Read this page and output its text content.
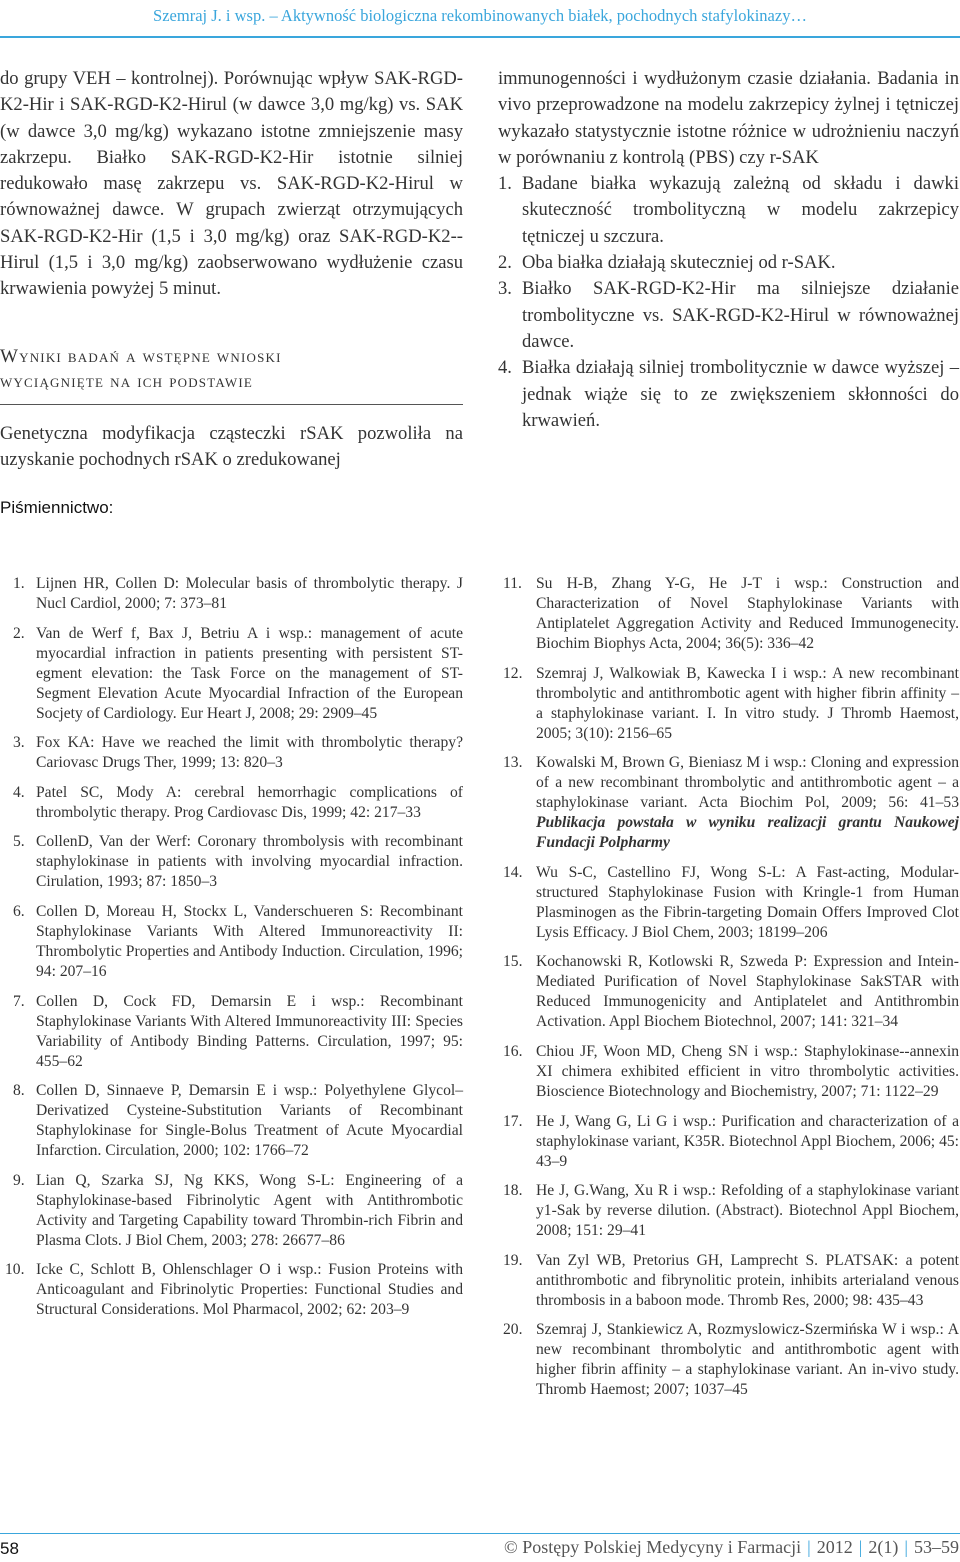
Szemraj J. i wsp. – Aktywność biologiczna rekombinowanych białek, pochodnych stafylokinazy…

do grupy VEH – kontrolnej). Porównując wpływ SAK-RGD-K2-Hir i SAK-RGD-K2-Hirul (w dawce 3,0 mg/kg) vs. SAK (w dawce 3,0 mg/kg) wykazano istotne zmniejszenie masy zakrzepu. Białko SAK-RGD-K2-Hir istotnie silniej redukowało masę zakrzepu vs. SAK-RGD-K2-Hirul w równoważnej dawce. W grupach zwierząt otrzymujących SAK-RGD-K2-Hir (1,5 i 3,0 mg/kg) oraz SAK-RGD-K2--Hirul (1,5 i 3,0 mg/kg) zaobserwowano wydłużenie czasu krwawienia powyżej 5 minut.

Wyniki badań a wstępne wnioski
wyciągnięte na ich podstawie

Genetyczna modyfikacja cząsteczki rSAK pozwoliła na uzyskanie pochodnych rSAK o zredukowanej

immunogenności i wydłużonym czasie działania. Badania in vivo przeprowadzone na modelu zakrzepicy żylnej i tętniczej wykazało statystycznie istotne różnice w udrożnieniu naczyń w porównaniu z kontrolą (PBS) czy r-SAK

1. Badane białka wykazują zależną od składu i dawki skuteczność trombolityczną w modelu zakrzepicy tętniczej u szczura.
2. Oba białka działają skuteczniej od r-SAK.
3. Białko SAK-RGD-K2-Hir ma silniejsze działanie trombolityczne vs. SAK-RGD-K2-Hirul w równoważnej dawce.
4. Białka działają silniej trombolitycznie w dawce wyższej – jednak wiąże się to ze zwiększeniem skłonności do krwawień.
Piśmiennictwo:
1. Lijnen HR, Collen D: Molecular basis of thrombolytic therapy. J Nucl Cardiol, 2000; 7: 373–81
2. Van de Werf f, Bax J, Betriu A i wsp.: management of acute myocardial infraction in patients presenting with persistent ST-egment elevation: the Task Force on the management of ST-Segment Elevation Acute Myocardial Infraction of the European Socjety of Cardiology. Eur Heart J, 2008; 29: 2909–45
3. Fox KA: Have we reached the limit with thrombolytic therapy? Cariovasc Drugs Ther, 1999; 13: 820–3
4. Patel SC, Mody A: cerebral hemorrhagic complications of thrombolytic therapy. Prog Cardiovasc Dis, 1999; 42: 217–33
5. CollenD, Van der Werf: Coronary thrombolysis with recombinant staphylokinase in patients with involving myocardial infraction. Cirulation, 1993; 87: 1850–3
6. Collen D, Moreau H, Stockx L, Vanderschueren S: Recombinant Staphylokinase Variants With Altered Immunoreactivity II: Thrombolytic Properties and Antibody Induction. Circulation, 1996; 94: 207–16
7. Collen D, Cock FD, Demarsin E i wsp.: Recombinant Staphylokinase Variants With Altered Immunoreactivity III: Species Variability of Antibody Binding Patterns. Circulation, 1997; 95: 455–62
8. Collen D, Sinnaeve P, Demarsin E i wsp.: Polyethylene Glycol–Derivatized Cysteine-Substitution Variants of Recombinant Staphylokinase for Single-Bolus Treatment of Acute Myocardial Infarction. Circulation, 2000; 102: 1766–72
9. Lian Q, Szarka SJ, Ng KKS, Wong S-L: Engineering of a Staphylokinase-based Fibrinolytic Agent with Antithrombotic Activity and Targeting Capability toward Thrombin-rich Fibrin and Plasma Clots. J Biol Chem, 2003; 278: 26677–86
10. Icke C, Schlott B, Ohlenschlager O i wsp.: Fusion Proteins with Anticoagulant and Fibrinolytic Properties: Functional Studies and Structural Considerations. Mol Pharmacol, 2002; 62: 203–9
11. Su H-B, Zhang Y-G, He J-T i wsp.: Construction and Characterization of Novel Staphylokinase Variants with Antiplatelet Aggregation Activity and Reduced Immunogenecity. Biochim Biophys Acta, 2004; 36(5): 336–42
12. Szemraj J, Walkowiak B, Kawecka I i wsp.: A new recombinant thrombolytic and antithrombotic agent with higher fibrin affinity – a staphylokinase variant. I. In vitro study. J Thromb Haemost, 2005; 3(10): 2156–65
13. Kowalski M, Brown G, Bieniasz M i wsp.: Cloning and expression of a new recombinant thrombolytic and antithrombotic agent – a staphylokinase variant. Acta Biochim Pol, 2009; 56: 41–53 Publikacja powstała w wyniku realizacji grantu Naukowej Fundacji Polpharmy
14. Wu S-C, Castellino FJ, Wong S-L: A Fast-acting, Modular-structured Staphylokinase Fusion with Kringle-1 from Human Plasminogen as the Fibrin-targeting Domain Offers Improved Clot Lysis Efficacy. J Biol Chem, 2003; 18199–206
15. Kochanowski R, Kotlowski R, Szweda P: Expression and Intein-Mediated Purification of Novel Staphylokinase SakSTAR with Reduced Immunogenicity and Antiplatelet and Antithrombin Activation. Appl Biochem Biotechnol, 2007; 141: 321–34
16. Chiou JF, Woon MD, Cheng SN i wsp.: Staphylokinase--annexin XI chimera exhibited efficient in vitro thrombolytic activities. Bioscience Biotechnology and Biochemistry, 2007; 71: 1122–29
17. He J, Wang G, Li G i wsp.: Purification and characterization of a staphylokinase variant, K35R. Biotechnol Appl Biochem, 2006; 45: 43–9
18. He J, G.Wang, Xu R i wsp.: Refolding of a staphylokinase variant y1-Sak by reverse dilution. (Abstract). Biotechnol Appl Biochem, 2008; 151: 29–41
19. Van Zyl WB, Pretorius GH, Lamprecht S. PLATSAK: a potent antithrombotic and fibrynolitic protein, inhibits arterialand venous thrombosis in a baboon mode. Thromb Res, 2000; 98: 435–43
20. Szemraj J, Stankiewicz A, Rozmyslowicz-Szermińska W i wsp.: A new recombinant thrombolytic and antithrombotic agent with higher fibrin affinity – a staphylokinase variant. An in-vivo study. Thromb Haemost; 2007; 1037–45
58	© Postępy Polskiej Medycyny i Farmacji | 2012 | 2(1) | 53–59
